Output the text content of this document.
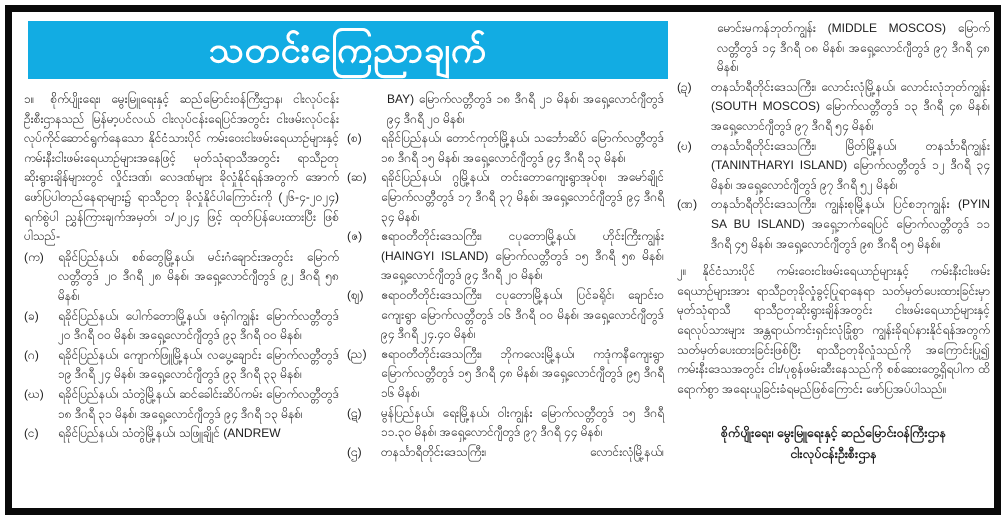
သတင်းကြေညာချက်

၁။ စိုက်ပျိုးရေး၊ မွေးမြူရေးနှင့် ဆည်မြောင်းဝန်ကြီးဌာန၊ ငါးလုပ်ငန်းဦးစီးဌာနသည် မြန်မာ့ပင်လယ် ငါးလုပ်ငန်းရေပြင်အတွင်း ငါးဖမ်းလုပ်ငန်း လုပ်ကိုင်ဆောင်ရွက်နေသော နိုင်ငံသားပိုင် ကမ်းဝေးငါးဖမ်းရေယာဉ်များနှင့် ကမ်းနီးငါးဖမ်းရေယာဉ်များအနေဖြင့် မုတ်သုံရာသီအတွင်း ရာသီဥတုဆိုးရွားချိန်များတွင် လှိုင်းဒဏ်၊ လေဒဏ်များ ခိုလှုံနိုင်ရန်အတွက် အောက်ဖော်ပြပါတည်နေရာများ၌ ရာသီဥတု ခိုလှုံနိုင်ပါကြောင်းကို (၂၆-၄-၂၀၂၄) ရက်စွဲပါ ညွှန်ကြားချက်အမှတ်၊ ၁/၂၀၂၄ ဖြင့် ထုတ်ပြန်ပေးထားပြီး ဖြစ်ပါသည်-

(က)	ရခိုင်ပြည်နယ်၊ စစ်တွေမြို့နယ်၊ မင်းဂံချောင်းအတွင်း မြောက်လတ္တီတွဒ် ၂၀ ဒီဂရီ ၂၈ မိနစ်၊ အရှေ့လောင်ဂျီတွဒ် ၉၂ ဒီဂရီ ၅၈ မိနစ်၊
(ခ)	ရခိုင်ပြည်နယ်၊ ပေါက်တောမြို့နယ်၊ ဖရုံဂါကျွန်း မြောက်လတ္တီတွဒ် ၂၀ ဒီဂရီ ၀၀ မိနစ်၊ အရှေ့လောင်ဂျီတွဒ် ၉၃ ဒီဂရီ ၀၀ မိနစ်၊
(ဂ)	ရခိုင်ပြည်နယ်၊ ကျောက်ဖြူမြို့နယ်၊ လပွေ့ချောင်း မြောက်လတ္တီတွဒ် ၁၉ ဒီဂရီ ၂၄ မိနစ်၊ အရှေ့လောင်ဂျီတွဒ် ၉၃ ဒီဂရီ ၃၃ မိနစ်၊
(ဃ)	ရခိုင်ပြည်နယ်၊ သံတွဲမြို့နယ်၊ ဆင်ခေါင်းဆိပ်ကမ်း မြောက်လတ္တီတွဒ် ၁၈ ဒီဂရီ ၃၁ မိနစ်၊ အရှေ့လောင်ဂျီတွဒ် ၉၄ ဒီဂရီ ၁၃ မိနစ်၊
(င)	ရခိုင်ပြည်နယ်၊ သံတွဲမြို့နယ်၊ သဖြူချိုင် (ANDREW

BAY) မြောက်လတ္တီတွဒ် ၁၈ ဒီဂရီ ၂၁ မိနစ်၊ အရှေ့လောင်ဂျီတွဒ် ၉၄ ဒီဂရီ ၂၀ မိနစ်၊

(စ)	ရခိုင်ပြည်နယ်၊ တောင်ကုတ်မြို့နယ်၊ သင်္ဘောဆိပ် မြောက်လတ္တီတွဒ် ၁၈ ဒီဂရီ ၁၅ မိနစ်၊ အရှေ့လောင်ဂျီတွဒ် ၉၄ ဒီဂရီ ၁၃ မိနစ်၊
(ဆ)	ရခိုင်ပြည်နယ်၊ ဂွမြို့နယ်၊ တင်းတောကျေးရွာအုပ်စု၊ အမော်ချိုင် မြောက်လတ္တီတွဒ် ၁၇ ဒီဂရီ ၃၇ မိနစ်၊ အရှေ့လောင်ဂျီတွဒ် ၉၄ ဒီဂရီ ၃၄ မိနစ်၊
(ဇ)	ဧရာဝတီတိုင်းဒေသကြီး၊ ငပုတောမြို့နယ်၊ ဟိုင်းကြီးကျွန်း (HAINGYI ISLAND) မြောက်လတ္တီတွဒ် ၁၅ ဒီဂရီ ၅၈ မိနစ်၊ အရှေ့လောင်ဂျီတွဒ် ၉၄ ဒီဂရီ ၂၀ မိနစ်၊
(ဈ)	ဧရာဝတီတိုင်းဒေသကြီး၊ ငပုတောမြို့နယ်၊ ပြင်ခရိုင်၊ ချောင်းဝကျေးရွာ မြောက်လတ္တီတွဒ် ၁၆ ဒီဂရီ ၀၀ မိနစ်၊ အရှေ့လောင်ဂျီတွဒ် ၉၄ ဒီဂရီ ၂၄.၄၀ မိနစ်၊
(ည)	ဧရာဝတီတိုင်းဒေသကြီး၊ ဘိုကလေးမြို့နယ်၊ ကဒုံကနီကျေးရွာ မြောက်လတ္တီတွဒ် ၁၅ ဒီဂရီ ၄၈ မိနစ်၊ အရှေ့လောင်ဂျီတွဒ် ၉၅ ဒီဂရီ ၁၆ မိနစ်၊
(ဋ)	မွန်ပြည်နယ်၊ ရေးမြို့နယ်၊ ဝါးကျွန်း မြောက်လတ္တီတွဒ် ၁၅ ဒီဂရီ ၁၁.၃၀ မိနစ်၊ အရှေ့လောင်ဂျီတွဒ် ၉၇ ဒီဂရီ ၄၄ မိနစ်၊
(ဌ)	တနင်္သာရီတိုင်းဒေသကြီး၊ လောင်းလုံမြို့နယ်၊

မောင်းမကန်ဘုတ်ကျွန်း (MIDDLE MOSCOS) မြောက်လတ္တီတွဒ် ၁၄ ဒီဂရီ ၀၈ မိနစ်၊ အရှေ့လောင်ဂျီတွဒ် ၉၇ ဒီဂရီ ၄၈ မိနစ်၊

(ဍ)	တနင်္သာရီတိုင်းဒေသကြီး၊ လောင်းလုံမြို့နယ်၊ လောင်းလုံဘုတ်ကျွန်း (SOUTH MOSCOS) မြောက်လတ္တီတွဒ် ၁၃ ဒီဂရီ ၄၈ မိနစ်၊ အရှေ့လောင်ဂျီတွဒ် ၉၇ ဒီဂရီ ၅၄ မိနစ်၊
(ဎ)	တနင်္သာရီတိုင်းဒေသကြီး၊ မြိတ်မြို့နယ်၊ တနင်္သာရီကျွန်း (TANINTHARYI ISLAND) မြောက်လတ္တီတွဒ် ၁၂ ဒီဂရီ ၃၄ မိနစ်၊ အရှေ့လောင်ဂျီတွဒ် ၉၇ ဒီဂရီ ၅၂ မိနစ်၊
(ဏ)	တနင်္သာရီတိုင်းဒေသကြီး၊ ကျွန်းစုမြို့နယ်၊ ပြင်စဘုကျွန်း (PYIN SA BU ISLAND) အရှေ့ဘက်ရေပြင် မြောက်လတ္တီတွဒ် ၁၁ ဒီဂရီ ၄၅ မိနစ်၊ အရှေ့လောင်ဂျီတွဒ် ၉၈ ဒီဂရီ ၀၅ မိနစ်။

၂။ နိုင်ငံသားပိုင် ကမ်းဝေးငါးဖမ်းရေယာဉ်များနှင့် ကမ်းနီးငါးဖမ်းရေယာဉ်များအား ရာသီဥတုခိုလှုံခွင့်ပြုရာနေရာ သတ်မှတ်ပေးထားခြင်းမှာ မုတ်သုံရာသီ ရာသီဥတုဆိုးရွားချိန်အတွင်း ငါးဖမ်းရေယာဉ်များနှင့် ရေလုပ်သားများ အန္တရာယ်ကင်းရှင်းလုံခြုံစွာ ကျွန်းခိုရပ်နားနိုင်ရန်အတွက် သတ်မှတ်ပေးထားခြင်းဖြစ်ပြီး ရာသီဥတုခိုလှုံသည်ကို အကြောင်းပြု၍ ကမ်းနီးဒေသအတွင်း ငါး/ပုစွန်ဖမ်းဆီးနေသည်ကို စစ်ဆေးတွေ့ရှိရပါက ထိရောက်စွာ အရေးယူခြင်းခံရမည်ဖြစ်ကြောင်း ဖော်ပြအပ်ပါသည်။

စိုက်ပျိုးရေး၊ မွေးမြူရေးနှင့် ဆည်မြောင်းဝန်ကြီးဌာန
ငါးလုပ်ငန်းဦးစီးဌာန
